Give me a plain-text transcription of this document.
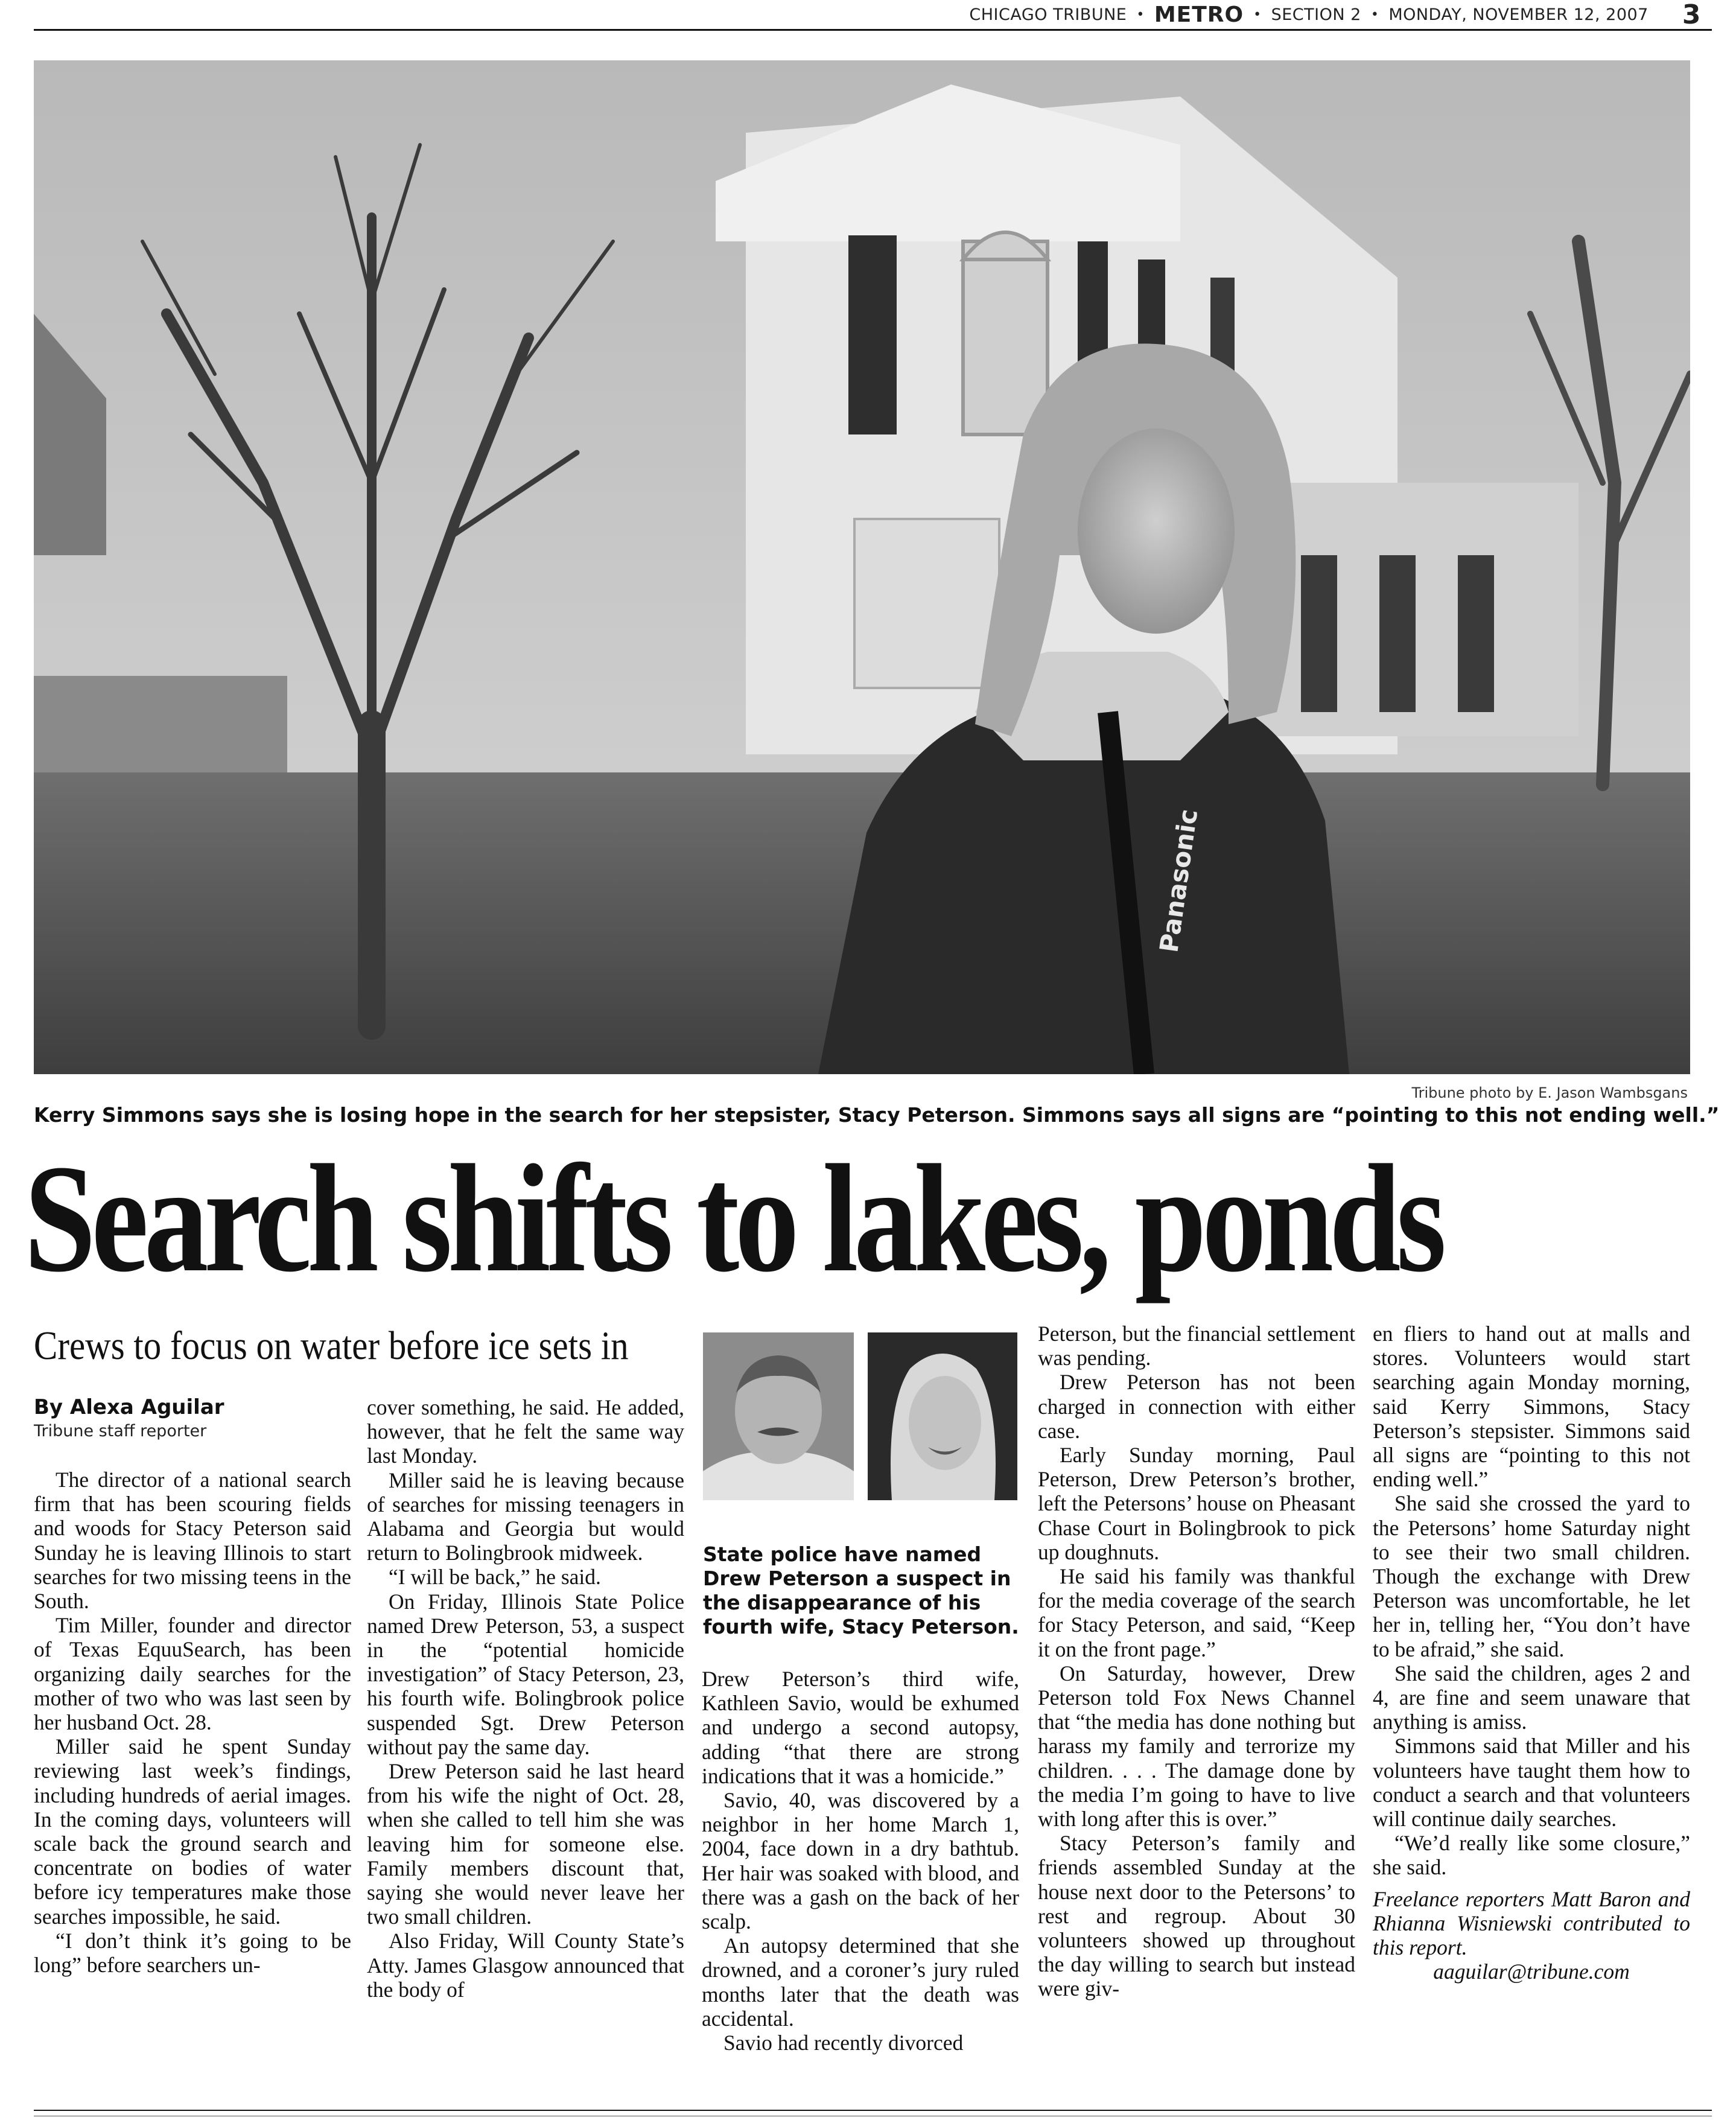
CHICAGO TRIBUNE • METRO • SECTION 2 • MONDAY, NOVEMBER 12, 2007 3
Panasonic
Tribune photo by E. Jason Wambsgans
Kerry Simmons says she is losing hope in the search for her stepsister, Stacy Peterson. Simmons says all signs are “pointing to this not ending well.”
Search shifts to lakes, ponds
Crews to focus on water before ice sets in
By Alexa Aguilar
Tribune staff reporter

The director of a national search firm that has been scouring fields and woods for Stacy Peterson said Sunday he is leaving Illinois to start searches for two missing teens in the South.

Tim Miller, founder and director of Texas EquuSearch, has been organizing daily searches for the mother of two who was last seen by her husband Oct. 28.

Miller said he spent Sunday reviewing last week’s findings, including hundreds of aerial images. In the coming days, volunteers will scale back the ground search and concentrate on bodies of water before icy temperatures make those searches impossible, he said.

“I don’t think it’s going to be long” before searchers un-

cover something, he said. He added, however, that he felt the same way last Monday.

Miller said he is leaving because of searches for missing teenagers in Alabama and Georgia but would return to Bolingbrook midweek.

“I will be back,” he said.

On Friday, Illinois State Police named Drew Peterson, 53, a suspect in the “potential homicide investigation” of Stacy Peterson, 23, his fourth wife. Bolingbrook police suspended Sgt. Drew Peterson without pay the same day.

Drew Peterson said he last heard from his wife the night of Oct. 28, when she called to tell him she was leaving him for someone else. Family members discount that, saying she would never leave her two small children.

Also Friday, Will County State’s Atty. James Glasgow announced that the body of

State police have named Drew Peterson a suspect in the disappearance of his fourth wife, Stacy Peterson.

Drew Peterson’s third wife, Kathleen Savio, would be exhumed and undergo a second autopsy, adding “that there are strong indications that it was a homicide.”

Savio, 40, was discovered by a neighbor in her home March 1, 2004, face down in a dry bathtub. Her hair was soaked with blood, and there was a gash on the back of her scalp.

An autopsy determined that she drowned, and a coroner’s jury ruled months later that the death was accidental.

Savio had recently divorced

Peterson, but the financial settlement was pending.

Drew Peterson has not been charged in connection with either case.

Early Sunday morning, Paul Peterson, Drew Peterson’s brother, left the Petersons’ house on Pheasant Chase Court in Bolingbrook to pick up doughnuts.

He said his family was thankful for the media coverage of the search for Stacy Peterson, and said, “Keep it on the front page.”

On Saturday, however, Drew Peterson told Fox News Channel that “the media has done nothing but harass my family and terrorize my children. . . . The damage done by the media I’m going to have to live with long after this is over.”

Stacy Peterson’s family and friends assembled Sunday at the house next door to the Petersons’ to rest and regroup. About 30 volunteers showed up throughout the day willing to search but instead were giv-

en fliers to hand out at malls and stores. Volunteers would start searching again Monday morning, said Kerry Simmons, Stacy Peterson’s stepsister. Simmons said all signs are “pointing to this not ending well.”

She said she crossed the yard to the Petersons’ home Saturday night to see their two small children. Though the exchange with Drew Peterson was uncomfortable, he let her in, telling her, “You don’t have to be afraid,” she said.

She said the children, ages 2 and 4, are fine and seem unaware that anything is amiss.

Simmons said that Miller and his volunteers have taught them how to conduct a search and that volunteers will continue daily searches.

“We’d really like some closure,” she said.

Freelance reporters Matt Baron and Rhianna Wisniewski contributed to this report.

aaguilar@tribune.com
